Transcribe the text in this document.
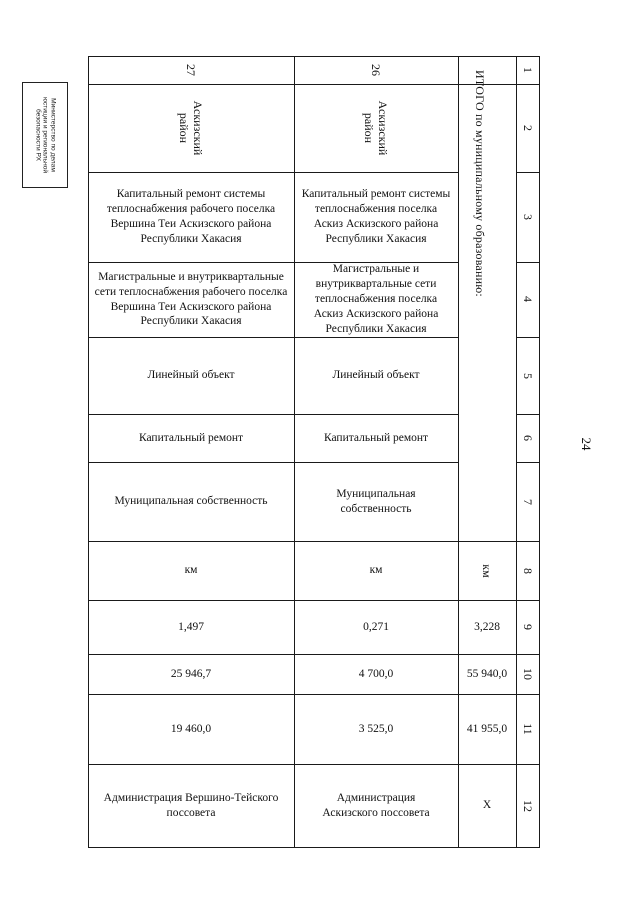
Министерство по делам
юстиции и региональной
безопасности РХ
24
1
2
3
4
5
6
7
8
9
10
11
12
ИТОГО по муниципальному образованию:
км
3,228
55 940,0
41 955,0
Х
26
Аскизский район
Капитальный ремонт системы теплоснабжения поселка Аскиз Аскизского района Республики Хакасия
Магистральные и внутриквартальные сети теплоснабжения поселка Аскиз Аскизского района Республики Хакасия
Линейный объект
Капитальный ремонт
Муниципальная собственность
км
0,271
4 700,0
3 525,0
Администрация Аскизского поссовета
27
Аскизский район
Капитальный ремонт системы теплоснабжения рабочего поселка Вершина Теи Аскизского района Республики Хакасия
Магистральные и внутриквартальные сети теплоснабжения рабочего поселка Вершина Теи Аскизского района Республики Хакасия
Линейный объект
Капитальный ремонт
Муниципальная собственность
км
1,497
25 946,7
19 460,0
Администрация Вершино-Тейского поссовета
